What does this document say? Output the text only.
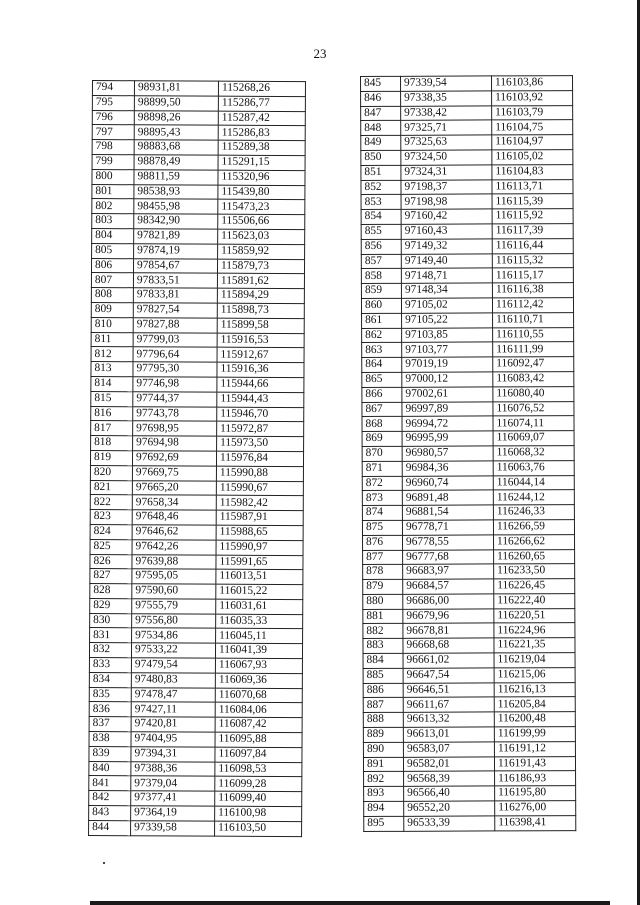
23
794	98931,81	115268,26
795	98899,50	115286,77
796	98898,26	115287,42
797	98895,43	115286,83
798	98883,68	115289,38
799	98878,49	115291,15
800	98811,59	115320,96
801	98538,93	115439,80
802	98455,98	115473,23
803	98342,90	115506,66
804	97821,89	115623,03
805	97874,19	115859,92
806	97854,67	115879,73
807	97833,51	115891,62
808	97833,81	115894,29
809	97827,54	115898,73
810	97827,88	115899,58
811	97799,03	115916,53
812	97796,64	115912,67
813	97795,30	115916,36
814	97746,98	115944,66
815	97744,37	115944,43
816	97743,78	115946,70
817	97698,95	115972,87
818	97694,98	115973,50
819	97692,69	115976,84
820	97669,75	115990,88
821	97665,20	115990,67
822	97658,34	115982,42
823	97648,46	115987,91
824	97646,62	115988,65
825	97642,26	115990,97
826	97639,88	115991,65
827	97595,05	116013,51
828	97590,60	116015,22
829	97555,79	116031,61
830	97556,80	116035,33
831	97534,86	116045,11
832	97533,22	116041,39
833	97479,54	116067,93
834	97480,83	116069,36
835	97478,47	116070,68
836	97427,11	116084,06
837	97420,81	116087,42
838	97404,95	116095,88
839	97394,31	116097,84
840	97388,36	116098,53
841	97379,04	116099,28
842	97377,41	116099,40
843	97364,19	116100,98
844	97339,58	116103,50
845	97339,54	116103,86
846	97338,35	116103,92
847	97338,42	116103,79
848	97325,71	116104,75
849	97325,63	116104,97
850	97324,50	116105,02
851	97324,31	116104,83
852	97198,37	116113,71
853	97198,98	116115,39
854	97160,42	116115,92
855	97160,43	116117,39
856	97149,32	116116,44
857	97149,40	116115,32
858	97148,71	116115,17
859	97148,34	116116,38
860	97105,02	116112,42
861	97105,22	116110,71
862	97103,85	116110,55
863	97103,77	116111,99
864	97019,19	116092,47
865	97000,12	116083,42
866	97002,61	116080,40
867	96997,89	116076,52
868	96994,72	116074,11
869	96995,99	116069,07
870	96980,57	116068,32
871	96984,36	116063,76
872	96960,74	116044,14
873	96891,48	116244,12
874	96881,54	116246,33
875	96778,71	116266,59
876	96778,55	116266,62
877	96777,68	116260,65
878	96683,97	116233,50
879	96684,57	116226,45
880	96686,00	116222,40
881	96679,96	116220,51
882	96678,81	116224,96
883	96668,68	116221,35
884	96661,02	116219,04
885	96647,54	116215,06
886	96646,51	116216,13
887	96611,67	116205,84
888	96613,32	116200,48
889	96613,01	116199,99
890	96583,07	116191,12
891	96582,01	116191,43
892	96568,39	116186,93
893	96566,40	116195,80
894	96552,20	116276,00
895	96533,39	116398,41
